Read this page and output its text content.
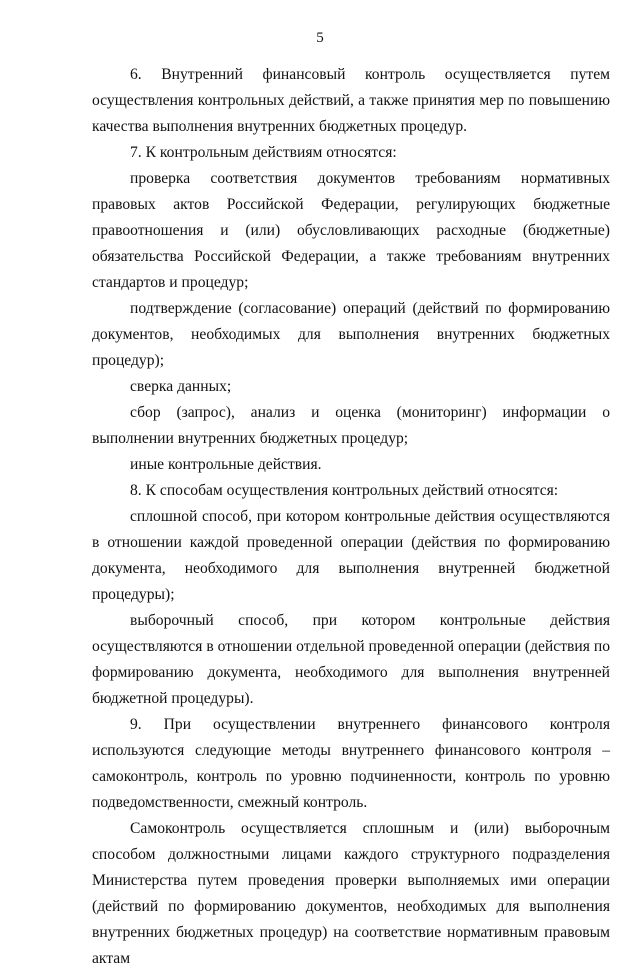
5

6. Внутренний финансовый контроль осуществляется путем осуществления контрольных действий, а также принятия мер по повышению качества выполнения внутренних бюджетных процедур.

7. К контрольным действиям относятся:

проверка соответствия документов требованиям нормативных правовых актов Российской Федерации, регулирующих бюджетные правоотношения и (или) обусловливающих расходные (бюджетные) обязательства Российской Федерации, а также требованиям внутренних стандартов и процедур;

подтверждение (согласование) операций (действий по формированию документов, необходимых для выполнения внутренних бюджетных процедур);

сверка данных;

сбор (запрос), анализ и оценка (мониторинг) информации о выполнении внутренних бюджетных процедур;

иные контрольные действия.

8. К способам осуществления контрольных действий относятся:

сплошной способ, при котором контрольные действия осуществляются в отношении каждой проведенной операции (действия по формированию документа, необходимого для выполнения внутренней бюджетной процедуры);

выборочный способ, при котором контрольные действия осуществляются в отношении отдельной проведенной операции (действия по формированию документа, необходимого для выполнения внутренней бюджетной процедуры).

9. При осуществлении внутреннего финансового контроля используются следующие методы внутреннего финансового контроля – самоконтроль, контроль по уровню подчиненности, контроль по уровню подведомственности, смежный контроль.

Самоконтроль осуществляется сплошным и (или) выборочным способом должностными лицами каждого структурного подразделения Министерства путем проведения проверки выполняемых ими операции (действий по формированию документов, необходимых для выполнения внутренних бюджетных процедур) на соответствие нормативным правовым актам
